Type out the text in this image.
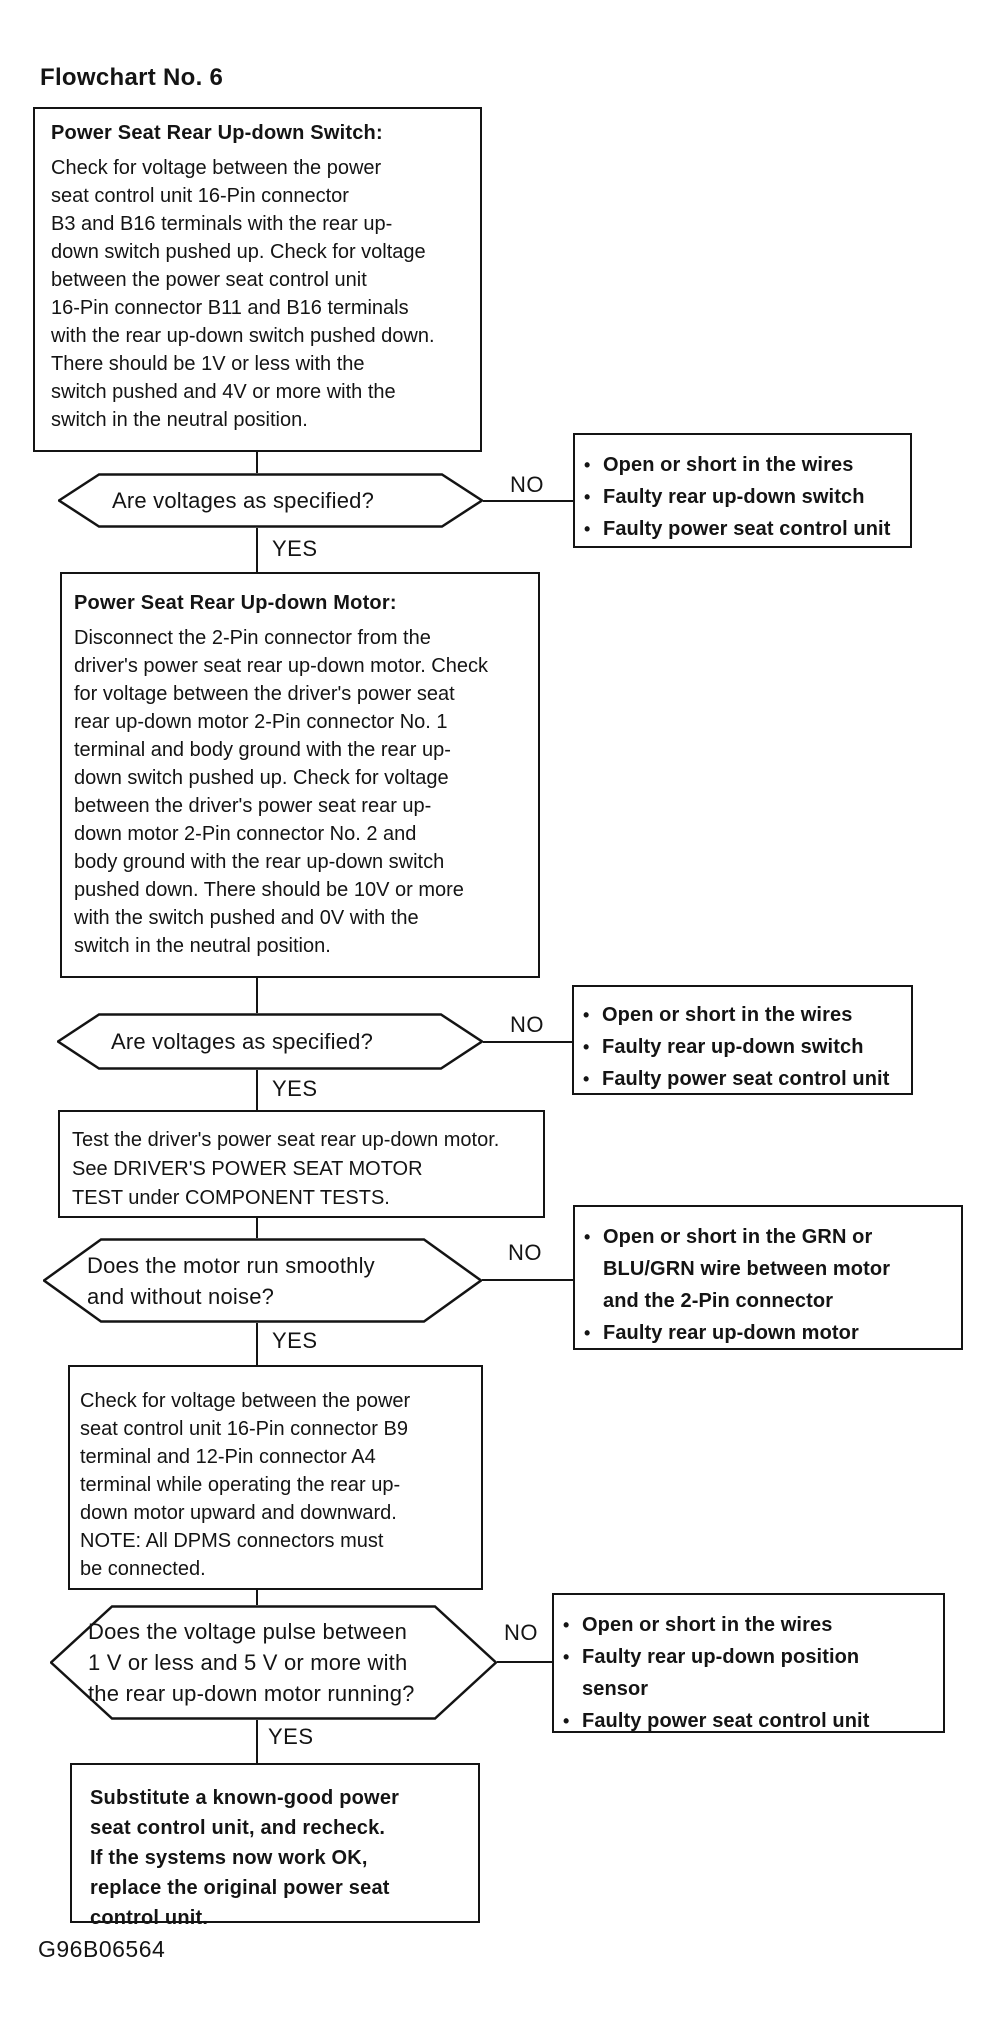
Flowchart No. 6
Power Seat Rear Up-down Switch:
Check for voltage between the power
seat control unit 16-Pin connector
B3 and B16 terminals with the rear up-
down switch pushed up. Check for voltage
between the power seat control unit
16-Pin connector B11 and B16 terminals
with the rear up-down switch pushed down.
There should be 1V or less with the
switch pushed and 4V or more with the
switch in the neutral position.
Are voltages as specified?
NO
• Open or short in the wires
• Faulty rear up-down switch
• Faulty power seat control unit
YES
Power Seat Rear Up-down Motor:
Disconnect the 2-Pin connector from the
driver's power seat rear up-down motor. Check
for voltage between the driver's power seat
rear up-down motor 2-Pin connector No. 1
terminal and body ground with the rear up-
down switch pushed up. Check for voltage
between the driver's power seat rear up-
down motor 2-Pin connector No. 2 and
body ground with the rear up-down switch
pushed down. There should be 10V or more
with the switch pushed and 0V with the
switch in the neutral position.
Are voltages as specified?
NO • Open or short in the wires
• Faulty rear up-down switch
• Faulty power seat control unit
YES
Test the driver's power seat rear up-down motor.
See DRIVER'S POWER SEAT MOTOR
TEST under COMPONENT TESTS.
Does the motor run smoothly
and without noise?
NO
• Open or short in the GRN or
BLU/GRN wire between motor
and the 2-Pin connector
• Faulty rear up-down motor
YES
Check for voltage between the power
seat control unit 16-Pin connector B9
terminal and 12-Pin connector A4
terminal while operating the rear up-
down motor upward and downward.
NOTE: All DPMS connectors must
be connected.
Does the voltage pulse between
1 V or less and 5 V or more with
the rear up-down motor running?
NO • Open or short in the wires
• Faulty rear up-down position
sensor
• Faulty power seat control unit
YES
Substitute a known-good power
seat control unit, and recheck.
If the systems now work OK,
replace the original power seat
control unit.
G96B06564
